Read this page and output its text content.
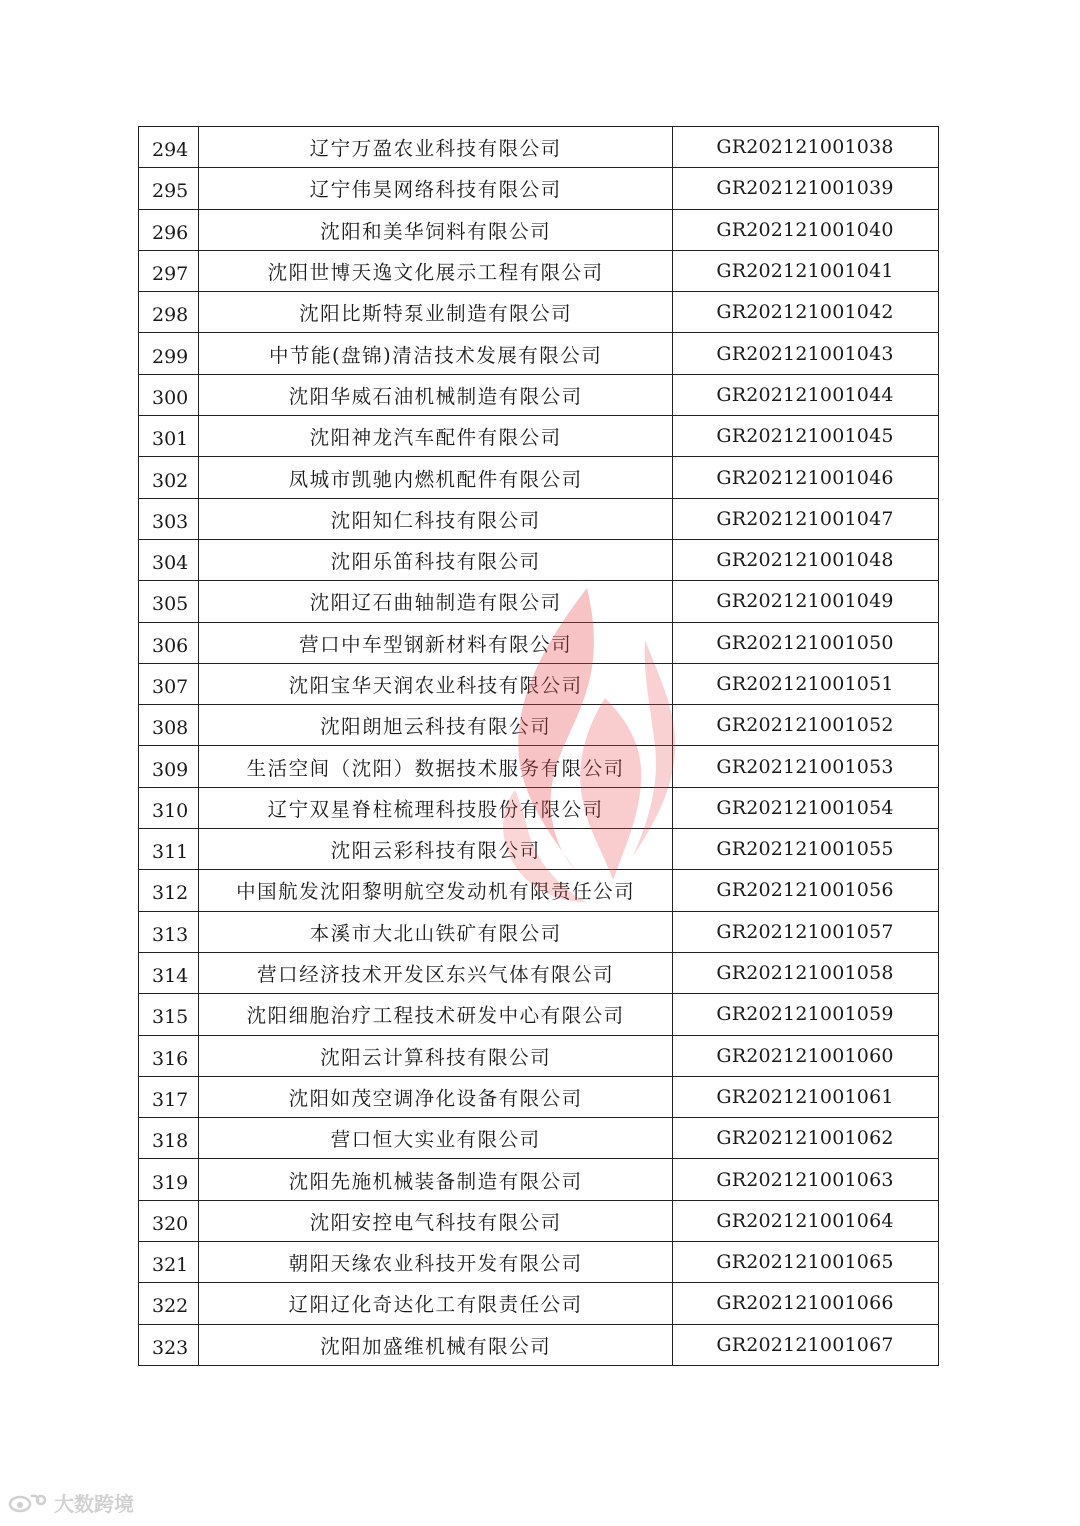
294	辽宁万盈农业科技有限公司	GR202121001038
295	辽宁伟昊网络科技有限公司	GR202121001039
296	沈阳和美华饲料有限公司	GR202121001040
297	沈阳世博天逸文化展示工程有限公司	GR202121001041
298	沈阳比斯特泵业制造有限公司	GR202121001042
299	中节能(盘锦)清洁技术发展有限公司	GR202121001043
300	沈阳华威石油机械制造有限公司	GR202121001044
301	沈阳神龙汽车配件有限公司	GR202121001045
302	凤城市凯驰内燃机配件有限公司	GR202121001046
303	沈阳知仁科技有限公司	GR202121001047
304	沈阳乐笛科技有限公司	GR202121001048
305	沈阳辽石曲轴制造有限公司	GR202121001049
306	营口中车型钢新材料有限公司	GR202121001050
307	沈阳宝华天润农业科技有限公司	GR202121001051
308	沈阳朗旭云科技有限公司	GR202121001052
309	生活空间（沈阳）数据技术服务有限公司	GR202121001053
310	辽宁双星脊柱梳理科技股份有限公司	GR202121001054
311	沈阳云彩科技有限公司	GR202121001055
312	中国航发沈阳黎明航空发动机有限责任公司	GR202121001056
313	本溪市大北山铁矿有限公司	GR202121001057
314	营口经济技术开发区东兴气体有限公司	GR202121001058
315	沈阳细胞治疗工程技术研发中心有限公司	GR202121001059
316	沈阳云计算科技有限公司	GR202121001060
317	沈阳如茂空调净化设备有限公司	GR202121001061
318	营口恒大实业有限公司	GR202121001062
319	沈阳先施机械装备制造有限公司	GR202121001063
320	沈阳安控电气科技有限公司	GR202121001064
321	朝阳天缘农业科技开发有限公司	GR202121001065
322	辽阳辽化奇达化工有限责任公司	GR202121001066
323	沈阳加盛维机械有限公司	GR202121001067
大数跨境
